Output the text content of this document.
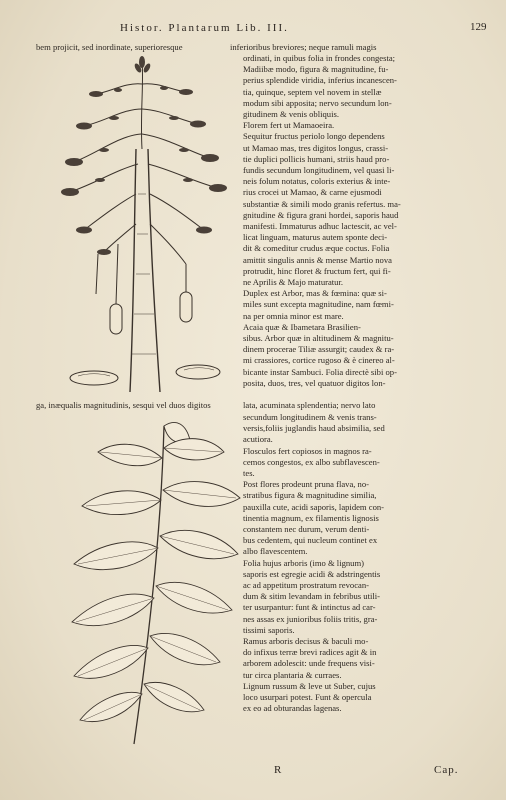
Histor. Plantarum Lib. III.	129
bem projicit, sed inordinate, superioresque	inferioribus breviores; neque ramuli magis
ordinati, in quibus folia in frondes congesta;
Madiibæ modo, figura & magnitudine, fu-
perius splendide viridia, inferius incanescen-
tia, quinque, septem vel novem in stellæ
modum sibi apposita; nervo secundum lon-
gitudinem & venis obliquis.
Florem fert ut Mamaoeira.
Sequitur fructus periolo longo dependens
ut Mamao mas, tres digitos longus, crassi-
tie duplici pollicis humani, striis haud pro-
fundis secundum longitudinem, vel quasi li-
neis folum notatus, coloris exterius & inte-
rius crocei ut Mamao, & carne ejusmodi
substantiæ & simili modo granis refertus. ma-
gnitudine & figura grani hordei, saporis haud
manifesti. Immaturus adhuc lactescit, ac vel-
licat linguam, maturus autem sponte deci-
dit & comeditur crudus æque coctus. Folia
amittit singulis annis & mense Martio nova
protrudit, hinc floret & fructum fert, qui fi-
ne Aprilis & Majo maturatur.
Duplex est Arbor, mas & fœmina: quæ si-
miles sunt excepta magnitudine, nam fœmi-
na per omnia minor est mare.
Acaia quæ & Ibametara Brasilien-
sibus. Arbor quæ in altitudinem & magnitu-
dinem procerae Tiliæ assurgit; caudex & ra-
mi crassiores, cortice rugoso & è cinereo al-
bicante instar Sambuci. Folia directè sibi op-
posita, duos, tres, vel quatuor digitos lon-
ga, inæqualis magnitudinis, sesqui vel duos digitos	lata, acuminata splendentia; nervo lato
secundum longitudinem & venis trans-
versis,foliis juglandis haud absimilia, sed
acutiora.
Flosculos fert copiosos in magnos ra-
cemos congestos, ex albo subflavescen-
tes.
Post flores prodeunt pruna flava, no-
stratibus figura & magnitudine similia,
pauxilla cute, acidi saporis, lapidem con-
tinentia magnum, ex filamentis lignosis
constantem nec durum, verum denti-
bus cedentem, qui nucleum continet ex
albo flavescentem.
Folia hujus arboris (imo & lignum)
saporis est egregie acidi & adstringentis
ac ad appetitum prostratum revocan-
dum & sitim levandam in febribus utili-
ter usurpantur: funt & intinctus ad car-
nes assas ex junioribus foliis tritis, gra-
tissimi saporis.
Ramus arboris decisus & baculi mo-
do infixus terræ brevi radices agit & in
arborem adolescit: unde frequens visi-
tur circa plantaria & curraes.
Lignum russum & leve ut Suber, cujus
loco usurpari potest. Funt & opercula
ex eo ad obturandas lagenas.
R	Cap.
